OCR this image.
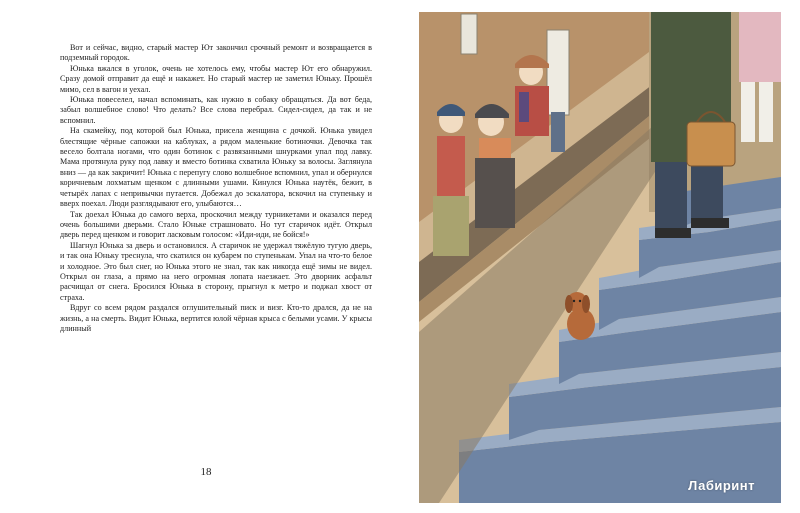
Вот и сейчас, видно, старый мастер Ют закончил срочный ремонт и возвращается в подземный городок.

Юнька вжался в уголок, очень не хотелось ему, чтобы мастер Ют его обнаружил. Сразу домой отправит да ещё и накажет. Но старый мастер не заметил Юньку. Прошёл мимо, сел в вагон и уехал.

Юнька повеселел, начал вспоминать, как нужно в собаку обращаться. Да вот беда, забыл волшебное слово! Что делать? Все слова перебрал. Сидел-сидел, да так и не вспомнил.

На скамейку, под которой был Юнька, присела женщина с дочкой. Юнька увидел блестящие чёрные сапожки на каблуках, а рядом маленькие ботиночки. Девочка так весело болтала ногами, что один ботинок с развязанными шнурками упал под лавку. Мама протянула руку под лавку и вместо ботинка схватила Юньку за волосы. Заглянула вниз — да как закричит! Юнька с перепугу слово волшебное вспомнил, упал и обернулся коричневым лохматым щенком с длинными ушами. Кинулся Юнька наутёк, бежит, в четырёх лапах с непривычки путается. Добежал до эскалатора, вскочил на ступеньку и вверх поехал. Люди разглядывают его, улыбаются…

Так доехал Юнька до самого верха, проскочил между турникетами и оказался перед очень большими дверьми. Стало Юньке страшновато. Но тут старичок идёт. Открыл дверь перед щенком и говорит ласковым голосом: «Иди-иди, не бойся!»

Шагнул Юнька за дверь и остановился. А старичок не удержал тяжёлую тугую дверь, и так она Юньку треснула, что скатился он кубарем по ступенькам. Упал на что-то белое и холодное. Это был снег, но Юнька этого не знал, так как никогда ещё зимы не видел. Открыл он глаза, а прямо на него огромная лопата наезжает. Это дворник асфальт расчищал от снега. Бросился Юнька в сторону, прыгнул к метро и поджал хвост от страха.

Вдруг со всем рядом раздался оглушительный писк и визг. Кто-то дрался, да не на жизнь, а на смерть. Видит Юнька, вертится юлой чёрная крыса с белыми усами. У крысы длинный

18
Лабиринт
